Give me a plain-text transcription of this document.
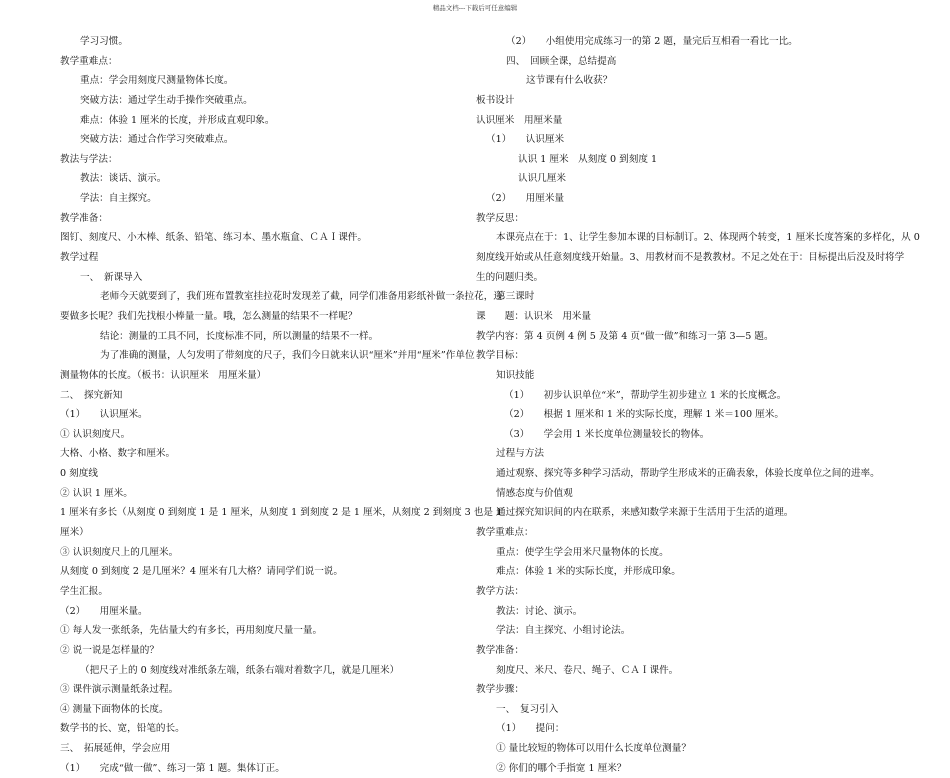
精品文档---下载后可任意编辑
学习习惯。
教学重难点：
重点：学会用刻度尺测量物体长度。
突破方法：通过学生动手操作突破重点。
难点：体验 1 厘米的长度，并形成直观印象。
突破方法：通过合作学习突破难点。
教法与学法：
教法：谈话、演示。
学法：自主探究。
教学准备：
图钉、刻度尺、小木棒、纸条、铅笔、练习本、墨水瓶盒、ＣＡＩ课件。
教学过程
一、　新课导入
老师今天就要到了，我们班布置教室挂拉花时发现差了截，同学们准备用彩纸补做一条拉花，还
要做多长呢？我们先找根小棒量一量。哦，怎么测量的结果不一样呢？
结论：测量的工具不同，长度标准不同，所以测量的结果不一样。
为了准确的测量，人匀发明了带刻度的尺子，我们今日就来认识“厘米”并用“厘米”作单位
测量物体的长度。（板书：认识厘米　用厘米量）
二、　探究新知
（1）　　认识厘米。
① 认识刻度尺。
大格、小格、数字和厘米。
0 刻度线
② 认识 1 厘米。
1 厘米有多长（从刻度 0 到刻度 1 是 1 厘米，从刻度 1 到刻度 2 是 1 厘米，从刻度 2 到刻度 3 也是 1
厘米）
③ 认识刻度尺上的几厘米。
从刻度 0 到刻度 2 是几厘米？4 厘米有几大格？请同学们说一说。
学生汇报。
（2）　　用厘米量。
① 每人发一张纸条，先估量大约有多长，再用刻度尺量一量。
② 说一说是怎样量的？
（把尺子上的 0 刻度线对准纸条左端，纸条右端对着数字几，就是几厘米）
③ 课件演示测量纸条过程。
④ 测量下面物体的长度。
数学书的长、宽，铅笔的长。
三、　拓展延伸，学会应用
（1）　　完成“做一做”、练习一第 1 题。集体订正。
（2）　　小组使用完成练习一的第 2 题，量完后互相看一看比一比。
四、　回顾全课，总结提高
这节课有什么收获？
板书设计
认识厘米　用厘米量
（1）　　认识厘米
认识 1 厘米　从刻度 0 到刻度 1
认识几厘米
（2）　　用厘米量
教学反思：
本课亮点在于：1、让学生参加本课的目标制订。2、体现两个转变，1 厘米长度答案的多样化，从 0
刻度线开始或从任意刻度线开始量。3、用教材而不是教教材。不足之处在于：目标提出后没及时将学
生的问题归类。
第三课时
课　　题：认识米　用米量
教学内容：第 4 页例 4 例 5 及第 4 页“做一做”和练习一第 3—5 题。
教学目标：
知识技能
（1）　　初步认识单位“米”，帮助学生初步建立 1 米的长度概念。
（2）　　根据 1 厘米和 1 米的实际长度，理解 1 米＝100 厘米。
（3）　　学会用 1 米长度单位测量较长的物体。
过程与方法
通过观察、探究等多种学习活动，帮助学生形成米的正确表象，体验长度单位之间的进率。
情感态度与价值观
通过探究知识间的内在联系，来感知数学来源于生活用于生活的道理。
教学重难点：
重点：使学生学会用米尺量物体的长度。
难点：体验 1 米的实际长度，并形成印象。
教学方法：
教法：讨论、演示。
学法：自主探究、小组讨论法。
教学准备：
刻度尺、米尺、卷尺、绳子、ＣＡＩ课件。
教学步骤：
一、　复习引入
（1）　　提问：
① 量比较短的物体可以用什么长度单位测量？
② 你们的哪个手指宽 1 厘米？
